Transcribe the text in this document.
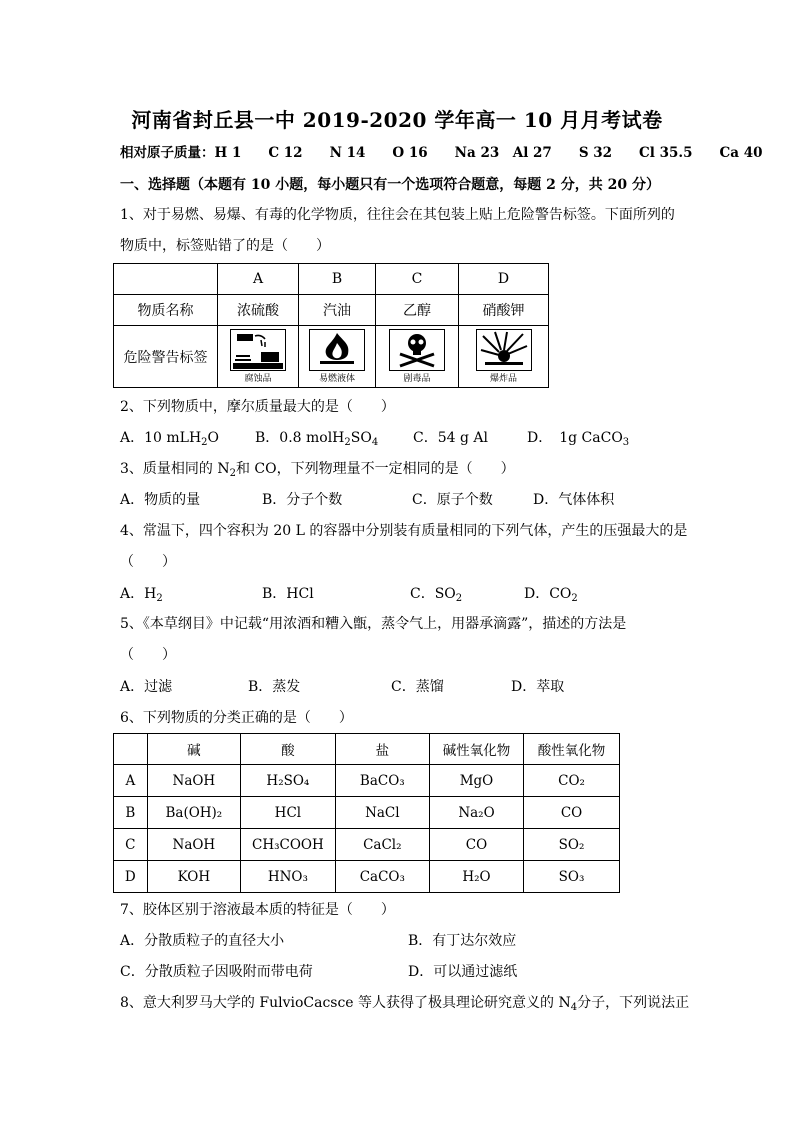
河南省封丘县一中 2019-2020 学年高一 10 月月考试卷
相对原子质量：H 1　　C 12　　N 14　　O 16　　Na 23　Al 27　　S 32　　Cl 35.5　　Ca 40
一、选择题（本题有 10 小题，每小题只有一个选项符合题意，每题 2 分，共 20 分）
1、对于易燃、易爆、有毒的化学物质，往往会在其包装上贴上危险警告标签。下面所列的
物质中，标签贴错了的是（　　）
	A	B	C	D
物质名称	浓硫酸	汽油	乙醇	硝酸钾
危险警告标签	腐蚀品	易燃液体	剧毒品	爆炸品
2、下列物质中，摩尔质量最大的是（　　）
A．10 mLH$_2$O	B．0.8 $molH_2SO_4$ C．54 g Al	D．　1g CaCO$_3$
3、质量相同的 $N_2$和 CO，下列物理量不一定相同的是（　　）
A．物质的量	B．分子个数	C．原子个数	D．气体体积
4、常温下，四个容积为 20 L 的容器中分别装有质量相同的下列气体，产生的压强最大的是
（　　）
A．$H_2$	B．HCl	C．$SO_2$	D．$CO_2$
5、《本草纲目》中记载“用浓酒和糟入甑，蒸令气上，用器承滴露”，描述的方法是
（　　）
A．过滤	B．蒸发	C．蒸馏	D．萃取
6、下列物质的分类正确的是（　　）
	碱	酸	盐	碱性氧化物	酸性氧化物
A	NaOH	H₂SO₄	BaCO₃	MgO	CO₂
B	Ba(OH)₂	HCl	NaCl	Na₂O	CO
C	NaOH	CH₃COOH	CaCl₂	CO	SO₂
D	KOH	HNO₃	CaCO₃	H₂O	SO₃
7、胶体区别于溶液最本质的特征是（　　）
A．分散质粒子的直径大小	B．有丁达尔效应
C．分散质粒子因吸附而带电荷	D．可以通过滤纸
8、意大利罗马大学的 FulvioCacsce 等人获得了极具理论研究意义的 $N_4$分子，下列说法正
